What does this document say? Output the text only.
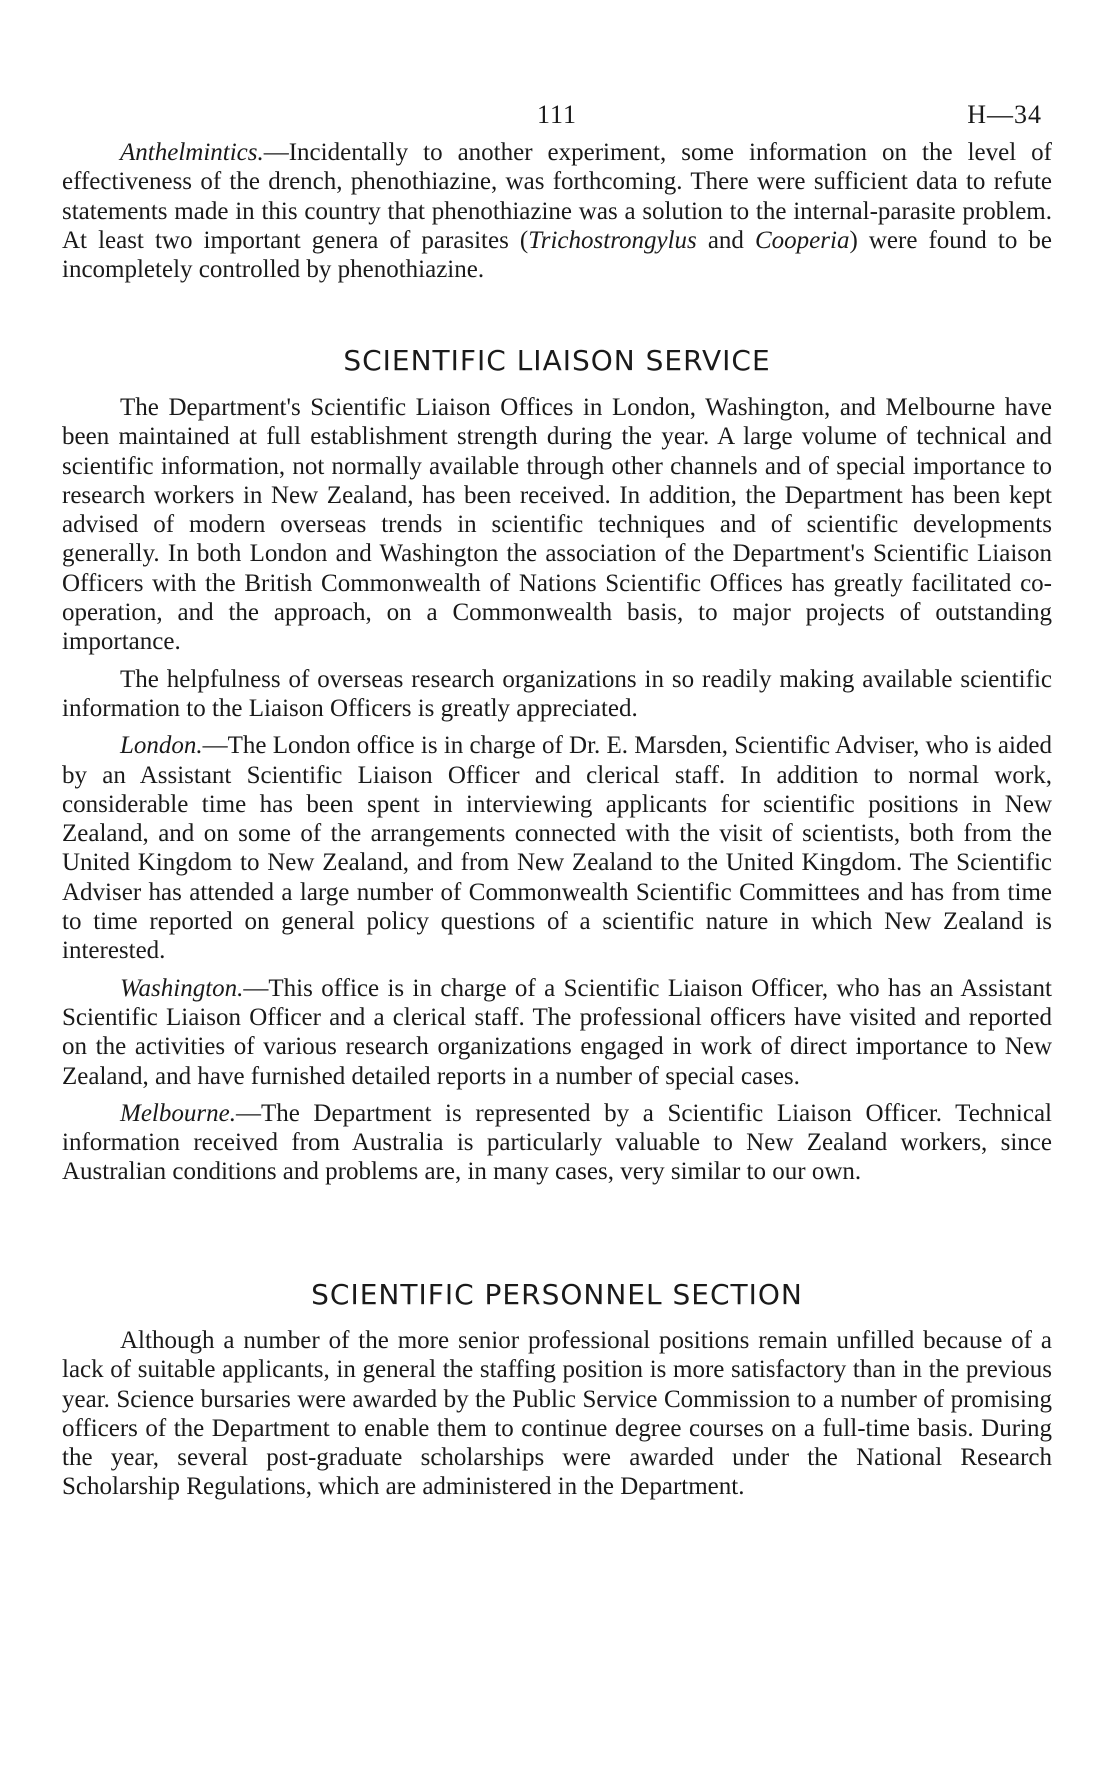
111	H—34

Anthelmintics.—Incidentally to another experiment, some information on the level of effectiveness of the drench, phenothiazine, was forthcoming. There were sufficient data to refute statements made in this country that phenothiazine was a solution to the internal-parasite problem. At least two important genera of parasites (Trichostrongylus and Cooperia) were found to be incompletely controlled by phenothiazine.

SCIENTIFIC LIAISON SERVICE

The Department's Scientific Liaison Offices in London, Washington, and Melbourne have been maintained at full establishment strength during the year. A large volume of technical and scientific information, not normally available through other channels and of special importance to research workers in New Zealand, has been received. In addition, the Department has been kept advised of modern overseas trends in scientific techniques and of scientific developments generally. In both London and Washington the association of the Department's Scientific Liaison Officers with the British Commonwealth of Nations Scientific Offices has greatly facilitated co-operation, and the approach, on a Commonwealth basis, to major projects of outstanding importance.

The helpfulness of overseas research organizations in so readily making available scientific information to the Liaison Officers is greatly appreciated.

London.—The London office is in charge of Dr. E. Marsden, Scientific Adviser, who is aided by an Assistant Scientific Liaison Officer and clerical staff. In addition to normal work, considerable time has been spent in interviewing applicants for scientific positions in New Zealand, and on some of the arrangements connected with the visit of scientists, both from the United Kingdom to New Zealand, and from New Zealand to the United Kingdom. The Scientific Adviser has attended a large number of Commonwealth Scientific Committees and has from time to time reported on general policy questions of a scientific nature in which New Zealand is interested.

Washington.—This office is in charge of a Scientific Liaison Officer, who has an Assistant Scientific Liaison Officer and a clerical staff. The professional officers have visited and reported on the activities of various research organizations engaged in work of direct importance to New Zealand, and have furnished detailed reports in a number of special cases.

Melbourne.—The Department is represented by a Scientific Liaison Officer. Technical information received from Australia is particularly valuable to New Zealand workers, since Australian conditions and problems are, in many cases, very similar to our own.

SCIENTIFIC PERSONNEL SECTION

Although a number of the more senior professional positions remain unfilled because of a lack of suitable applicants, in general the staffing position is more satisfactory than in the previous year. Science bursaries were awarded by the Public Service Commission to a number of promising officers of the Department to enable them to continue degree courses on a full-time basis. During the year, several post-graduate scholarships were awarded under the National Research Scholarship Regulations, which are administered in the Department.
